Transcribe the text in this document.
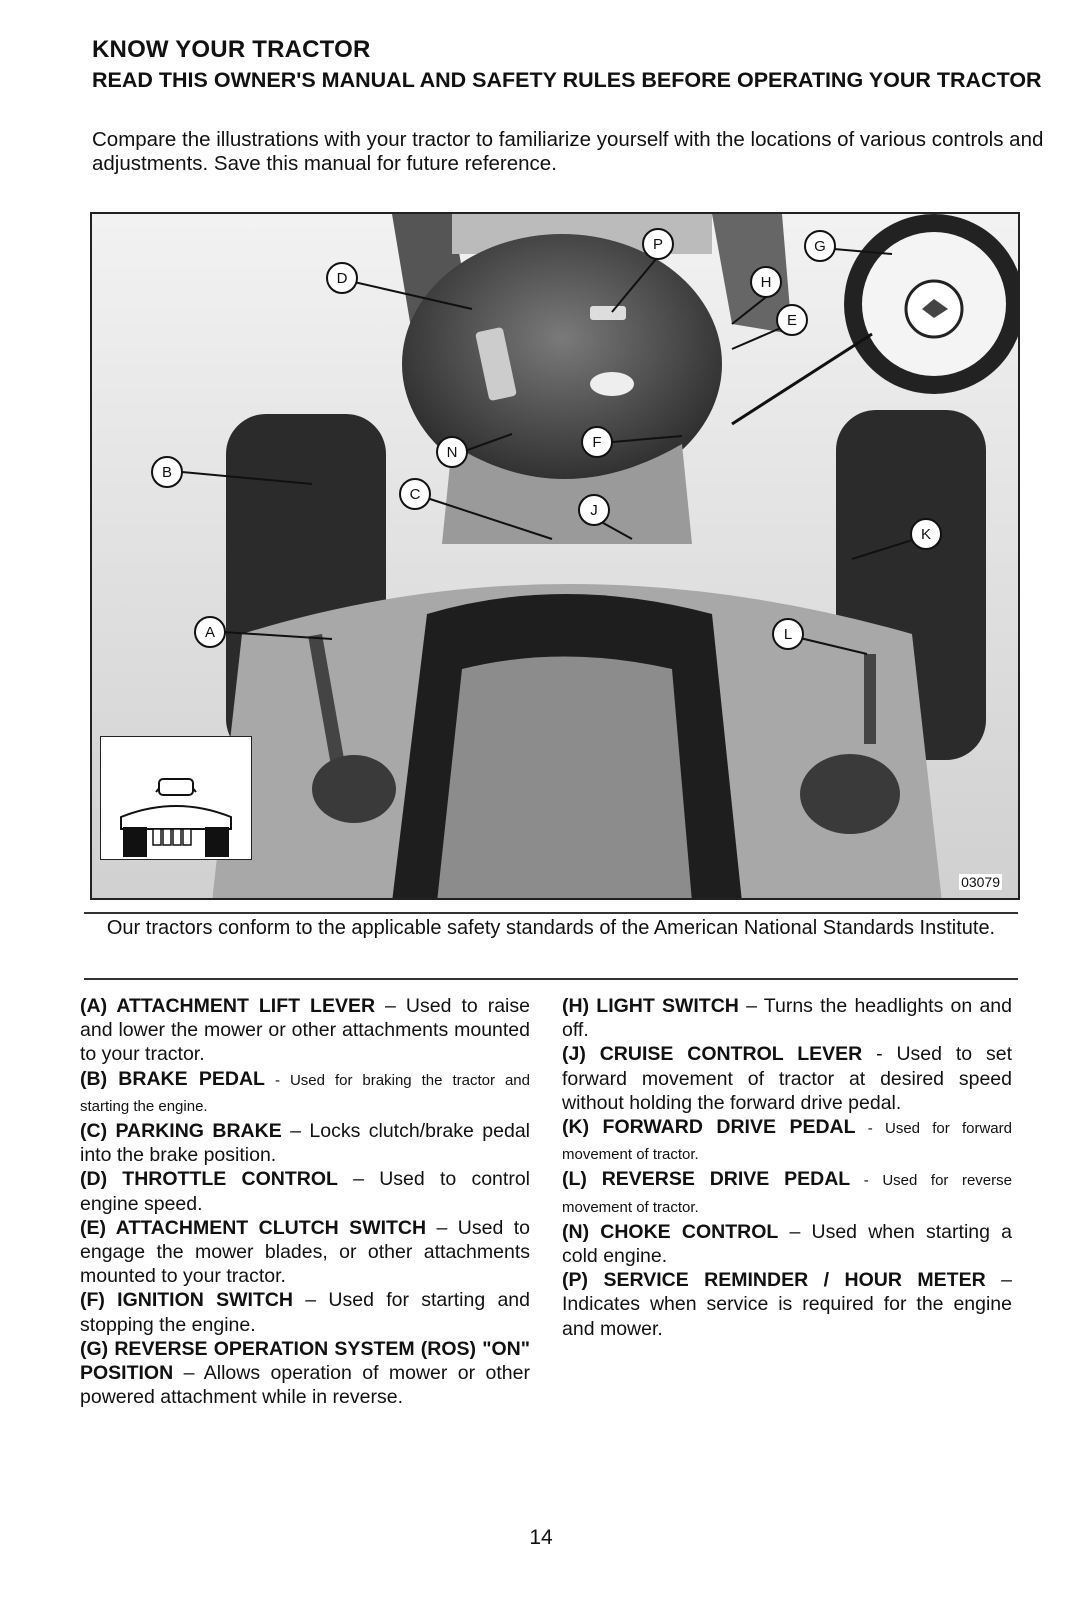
KNOW YOUR TRACTOR
READ THIS OWNER'S MANUAL AND SAFETY RULES BEFORE OPERATING YOUR TRACTOR
Compare the illustrations with your tractor to familiarize yourself with the locations of various controls and adjustments. Save this manual for future reference.
A
B
C
D
E
F
G
H
J
K
L
N
P
03079
Our tractors conform to the applicable safety standards of the American National Standards Institute.

(A) ATTACHMENT LIFT LEVER – Used to raise and lower the mower or other attachments mounted to your tractor.

(B) BRAKE PEDAL - Used for braking the tractor and starting the engine.

(C) PARKING BRAKE – Locks clutch/brake pedal into the brake position.

(D) THROTTLE CONTROL – Used to control engine speed.

(E) ATTACHMENT CLUTCH SWITCH – Used to engage the mower blades, or other attachments mounted to your tractor.

(F) IGNITION SWITCH – Used for starting and stopping the engine.

(G) REVERSE OPERATION SYSTEM (ROS) "ON" POSITION – Allows operation of mower or other powered attachment while in reverse.

(H) LIGHT SWITCH – Turns the headlights on and off.

(J) CRUISE CONTROL LEVER - Used to set forward movement of tractor at desired speed without holding the forward drive pedal.

(K) FORWARD DRIVE PEDAL - Used for forward movement of tractor.

(L) REVERSE DRIVE PEDAL - Used for reverse movement of tractor.

(N) CHOKE CONTROL – Used when starting a cold engine.

(P) SERVICE REMINDER / HOUR METER – Indicates when service is required for the engine and mower.

14
